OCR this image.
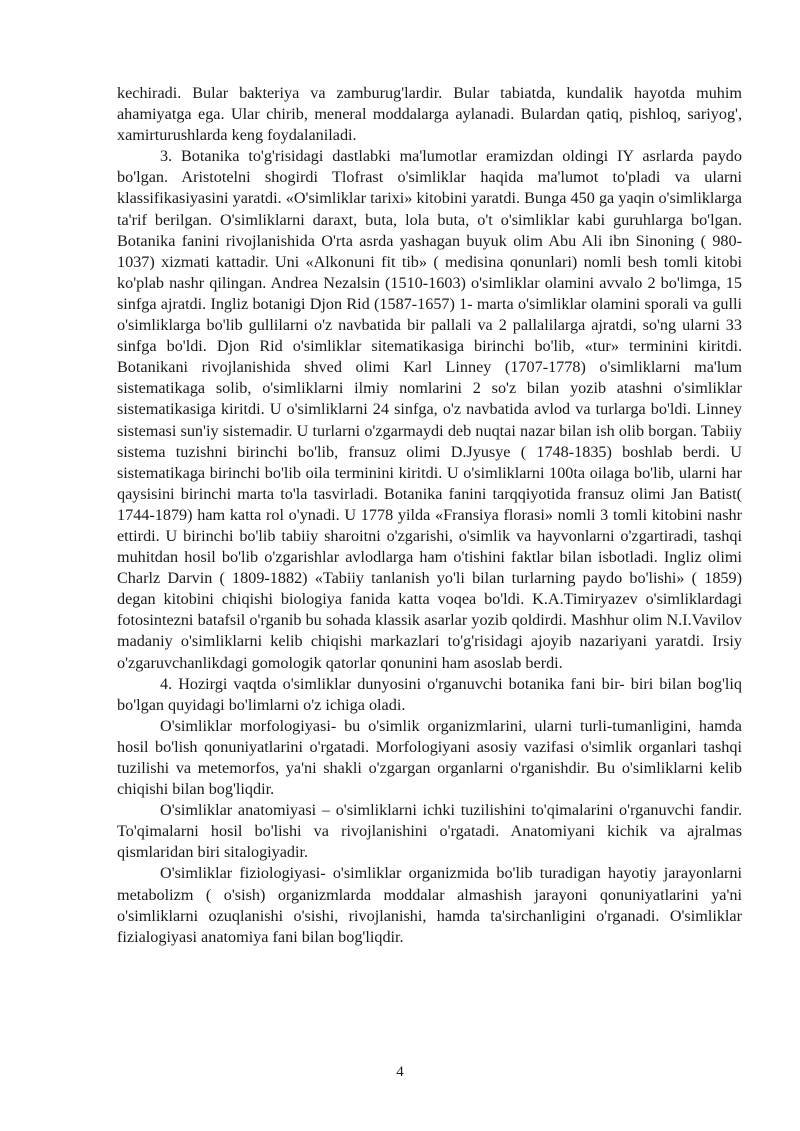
kechiradi. Bular bakteriya va zamburug'lardir. Bular tabiatda, kundalik hayotda muhim ahamiyatga ega. Ular chirib, meneral moddalarga aylanadi. Bulardan qatiq, pishloq, sariyog', xamirturushlarda keng foydalaniladi.

3. Botanika to'g'risidagi dastlabki ma'lumotlar eramizdan oldingi IY asrlarda paydo bo'lgan. Aristotelni shogirdi Tlofrast o'simliklar haqida ma'lumot to'pladi va ularni klassifikasiyasini yaratdi. «O'simliklar tarixi» kitobini yaratdi. Bunga 450 ga yaqin o'simliklarga ta'rif berilgan. O'simliklarni daraxt, buta, lola buta, o't o'simliklar kabi guruhlarga bo'lgan. Botanika fanini rivojlanishida O'rta asrda yashagan buyuk olim Abu Ali ibn Sinoning ( 980-1037) xizmati kattadir. Uni «Alkonuni fit tib» ( medisina qonunlari) nomli besh tomli kitobi ko'plab nashr qilingan. Andrea Nezalsin (1510-1603) o'simliklar olamini avvalo 2 bo'limga, 15 sinfga ajratdi. Ingliz botanigi Djon Rid (1587-1657) 1- marta o'simliklar olamini sporali va gulli o'simliklarga bo'lib gullilarni o'z navbatida bir pallali va 2 pallalilarga ajratdi, so'ng ularni 33 sinfga bo'ldi. Djon Rid o'simliklar sitematikasiga birinchi bo'lib, «tur» terminini kiritdi. Botanikani rivojlanishida shved olimi Karl Linney (1707-1778) o'simliklarni ma'lum sistematikaga solib, o'simliklarni ilmiy nomlarini 2 so'z bilan yozib atashni o'simliklar sistematikasiga kiritdi. U o'simliklarni 24 sinfga, o'z navbatida avlod va turlarga bo'ldi. Linney sistemasi sun'iy sistemadir. U turlarni o'zgarmaydi deb nuqtai nazar bilan ish olib borgan. Tabiiy sistema tuzishni birinchi bo'lib, fransuz olimi D.Jyusye ( 1748-1835) boshlab berdi. U sistematikaga birinchi bo'lib oila terminini kiritdi. U o'simliklarni 100ta oilaga bo'lib, ularni har qaysisini birinchi marta to'la tasvirladi. Botanika fanini tarqqiyotida fransuz olimi Jan Batist( 1744-1879) ham katta rol o'ynadi. U 1778 yilda «Fransiya florasi» nomli 3 tomli kitobini nashr ettirdi. U birinchi bo'lib tabiiy sharoitni o'zgarishi, o'simlik va hayvonlarni o'zgartiradi, tashqi muhitdan hosil bo'lib o'zgarishlar avlodlarga ham o'tishini faktlar bilan isbotladi. Ingliz olimi Charlz Darvin ( 1809-1882) «Tabiiy tanlanish yo'li bilan turlarning paydo bo'lishi» ( 1859) degan kitobini chiqishi biologiya fanida katta voqea bo'ldi. K.A.Timiryazev o'simliklardagi fotosintezni batafsil o'rganib bu sohada klassik asarlar yozib qoldirdi. Mashhur olim N.I.Vavilov madaniy o'simliklarni kelib chiqishi markazlari to'g'risidagi ajoyib nazariyani yaratdi. Irsiy o'zgaruvchanlikdagi gomologik qatorlar qonunini ham asoslab berdi.

4. Hozirgi vaqtda o'simliklar dunyosini o'rganuvchi botanika fani bir- biri bilan bog'liq bo'lgan quyidagi bo'limlarni o'z ichiga oladi.

O'simliklar morfologiyasi- bu o'simlik organizmlarini, ularni turli-tumanligini, hamda hosil bo'lish qonuniyatlarini o'rgatadi. Morfologiyani asosiy vazifasi o'simlik organlari tashqi tuzilishi va metemorfos, ya'ni shakli o'zgargan organlarni o'rganishdir. Bu o'simliklarni kelib chiqishi bilan bog'liqdir.

O'simliklar anatomiyasi – o'simliklarni ichki tuzilishini to'qimalarini o'rganuvchi fandir. To'qimalarni hosil bo'lishi va rivojlanishini o'rgatadi. Anatomiyani kichik va ajralmas qismlaridan biri sitalogiyadir.

O'simliklar fiziologiyasi- o'simliklar organizmida bo'lib turadigan hayotiy jarayonlarni metabolizm ( o'sish) organizmlarda moddalar almashish jarayoni qonuniyatlarini ya'ni o'simliklarni ozuqlanishi o'sishi, rivojlanishi, hamda ta'sirchanligini o'rganadi. O'simliklar fizialogiyasi anatomiya fani bilan bog'liqdir.

4
